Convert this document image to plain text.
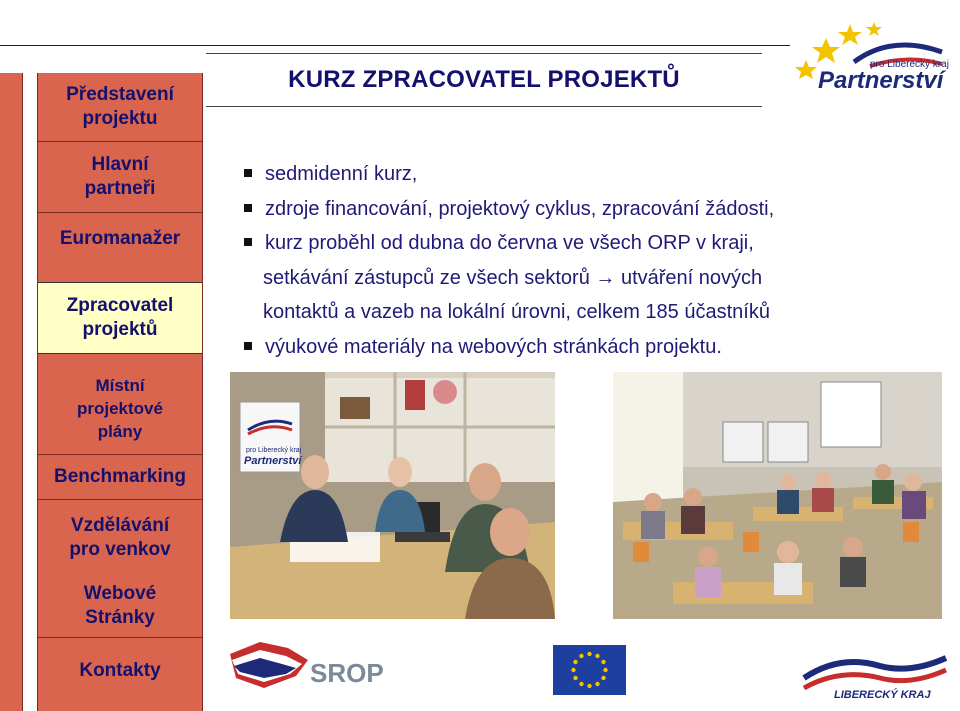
Představení projektu
Hlavní partneři
Euromanažer
Zpracovatel projektů
Místní projektové plány
Benchmarking
Vzdělávání pro venkov
Webové Stránky
Kontakty
KURZ ZPRACOVATEL PROJEKTŮ
pro Liberecký kraj
Partnerství
sedmidenní kurz,
zdroje financování, projektový cyklus, zpracování žádosti,
kurz proběhl od dubna do června ve všech ORP v kraji,
setkávání zástupců ze všech sektorů → utváření nových
kontaktů a vazeb na lokální úrovni, celkem 185 účastníků
výukové materiály na webových stránkách projektu.
pro Liberecký kraj
Partnerství
SROP
LIBERECKÝ KRAJ
